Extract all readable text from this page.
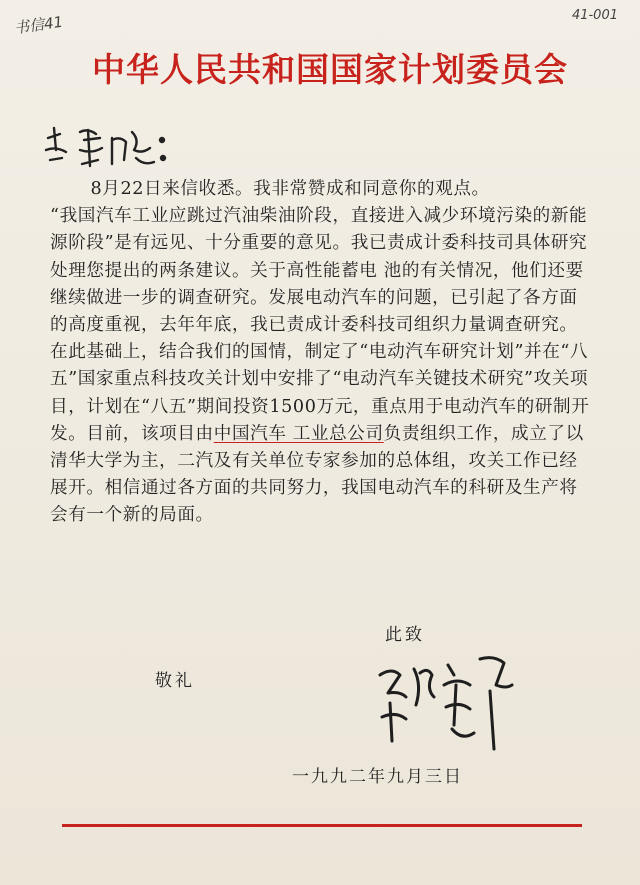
书信41	41-001
中华人民共和国国家计划委员会

8月22日来信收悉。我非常赞成和同意你的观点。

“我国汽车工业应跳过汽油柴油阶段，直接进入减少环境污染的新能源阶段”是有远见、十分重要的意见。我已责成计委科技司具体研究处理您提出的两条建议。关于高性能蓄电 池的有关情况，他们还要继续做进一步的调查研究。发展电动汽车的问题，已引起了各方面的高度重视，去年年底，我已责成计委科技司组织力量调查研究。在此基础上，结合我们的国情，制定了“电动汽车研究计划”并在“八五”国家重点科技攻关计划中安排了“电动汽车关键技术研究”攻关项目，计划在“八五”期间投资1500万元，重点用于电动汽车的研制开发。目前，该项目由中国汽车 工业总公司负责组织工作，成立了以清华大学为主，二汽及有关单位专家参加的总体组，攻关工作已经展开。相信通过各方面的共同努力，我国电动汽车的科研及生产将会有一个新的局面。

此致
敬礼
一九九二年九月三日
